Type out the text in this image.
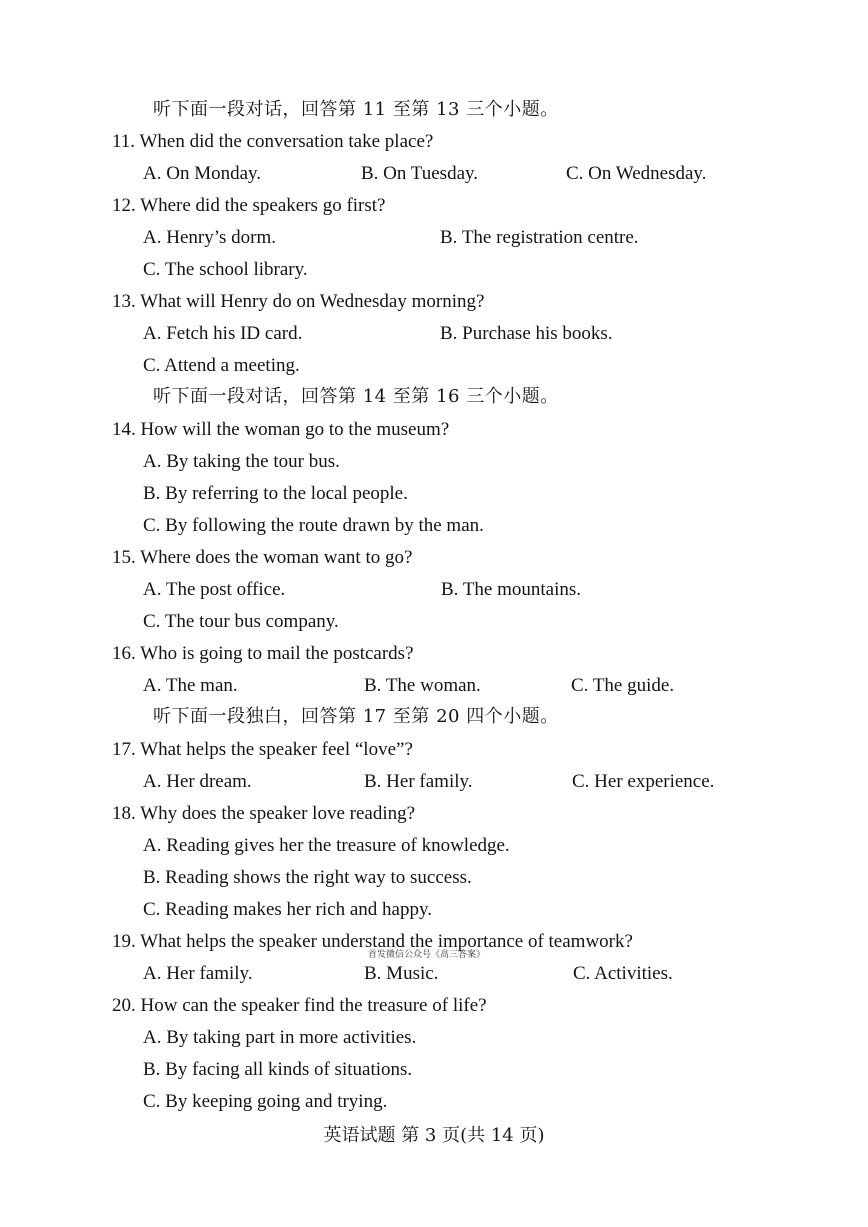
听下面一段对话，回答第 11 至第 13 三个小题。
11. When did the conversation take place?
A. On Monday.	B. On Tuesday.	C. On Wednesday.
12. Where did the speakers go first?
A. Henry’s dorm.	B. The registration centre.
C. The school library.
13. What will Henry do on Wednesday morning?
A. Fetch his ID card.	B. Purchase his books.
C. Attend a meeting.
听下面一段对话，回答第 14 至第 16 三个小题。
14. How will the woman go to the museum?
A. By taking the tour bus.
B. By referring to the local people.
C. By following the route drawn by the man.
15. Where does the woman want to go?
A. The post office.	B. The mountains.
C. The tour bus company.
16. Who is going to mail the postcards?
A. The man.	B. The woman.	C. The guide.
听下面一段独白，回答第 17 至第 20 四个小题。
17. What helps the speaker feel “love”?
A. Her dream.	B. Her family.	C. Her experience.
18. Why does the speaker love reading?
A. Reading gives her the treasure of knowledge.
B. Reading shows the right way to success.
C. Reading makes her rich and happy.
19. What helps the speaker understand the importance of teamwork?
首发微信公众号《高三答案》
A. Her family.	B. Music.	C. Activities.
20. How can the speaker find the treasure of life?
A. By taking part in more activities.
B. By facing all kinds of situations.
C. By keeping going and trying.
英语试题 第 3 页(共 14 页)
